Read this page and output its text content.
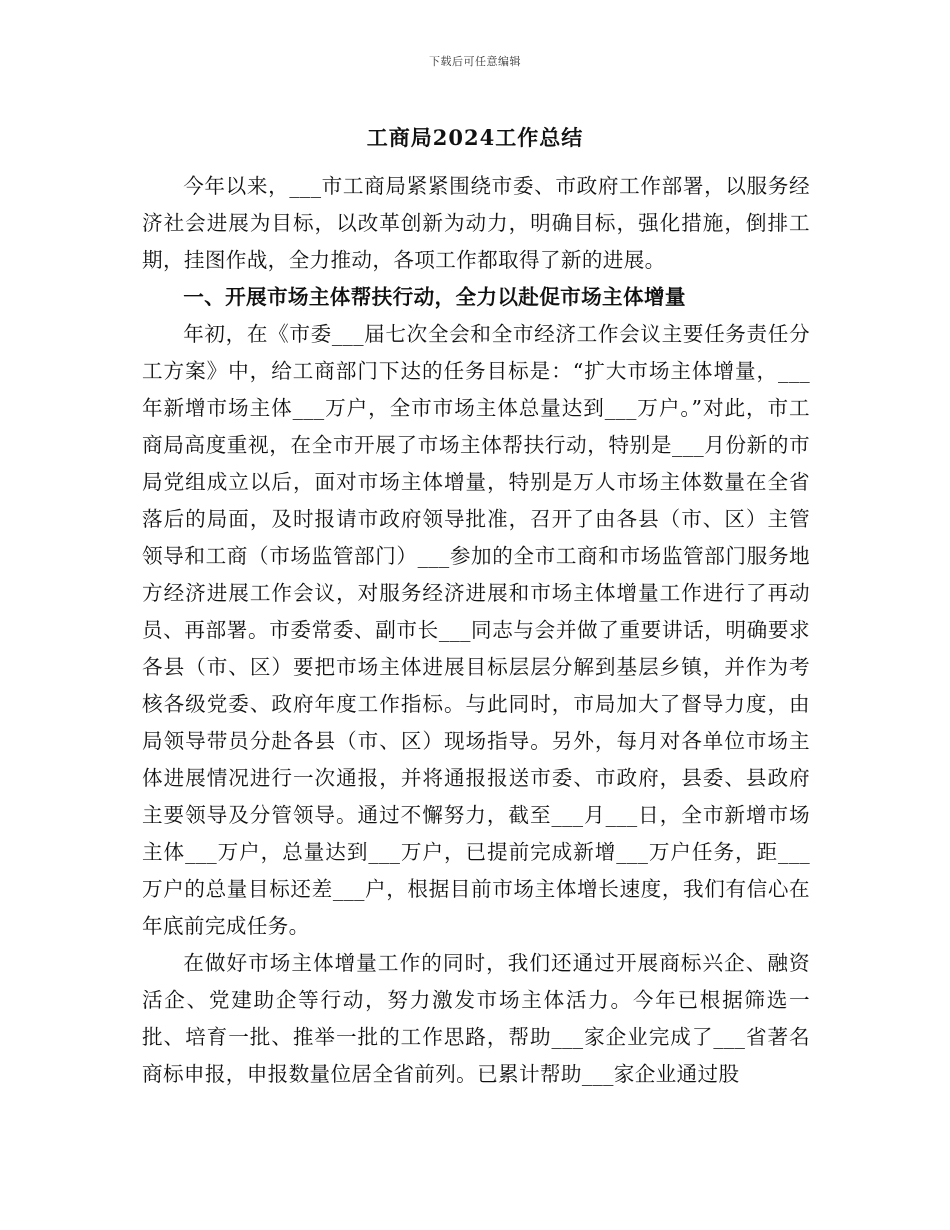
下载后可任意编辑
工商局2024工作总结

今年以来，___市工商局紧紧围绕市委、市政府工作部署，以服务经济社会进展为目标，以改革创新为动力，明确目标，强化措施，倒排工期，挂图作战，全力推动，各项工作都取得了新的进展。

一、开展市场主体帮扶行动，全力以赴促市场主体增量

年初，在《市委___届七次全会和全市经济工作会议主要任务责任分工方案》中，给工商部门下达的任务目标是：“扩大市场主体增量，___年新增市场主体___万户，全市市场主体总量达到___万户。”对此，市工商局高度重视，在全市开展了市场主体帮扶行动，特别是___月份新的市局党组成立以后，面对市场主体增量，特别是万人市场主体数量在全省落后的局面，及时报请市政府领导批准，召开了由各县（市、区）主管领导和工商（市场监管部门）___参加的全市工商和市场监管部门服务地方经济进展工作会议，对服务经济进展和市场主体增量工作进行了再动员、再部署。市委常委、副市长___同志与会并做了重要讲话，明确要求各县（市、区）要把市场主体进展目标层层分解到基层乡镇，并作为考核各级党委、政府年度工作指标。与此同时，市局加大了督导力度，由局领导带员分赴各县（市、区）现场指导。另外，每月对各单位市场主体进展情况进行一次通报，并将通报报送市委、市政府，县委、县政府主要领导及分管领导。通过不懈努力，截至___月___日，全市新增市场主体___万户，总量达到___万户，已提前完成新增___万户任务，距___万户的总量目标还差___户，根据目前市场主体增长速度，我们有信心在年底前完成任务。

在做好市场主体增量工作的同时，我们还通过开展商标兴企、融资活企、党建助企等行动，努力激发市场主体活力。今年已根据筛选一批、培育一批、推举一批的工作思路，帮助___家企业完成了___省著名商标申报，申报数量位居全省前列。已累计帮助___家企业通过股
